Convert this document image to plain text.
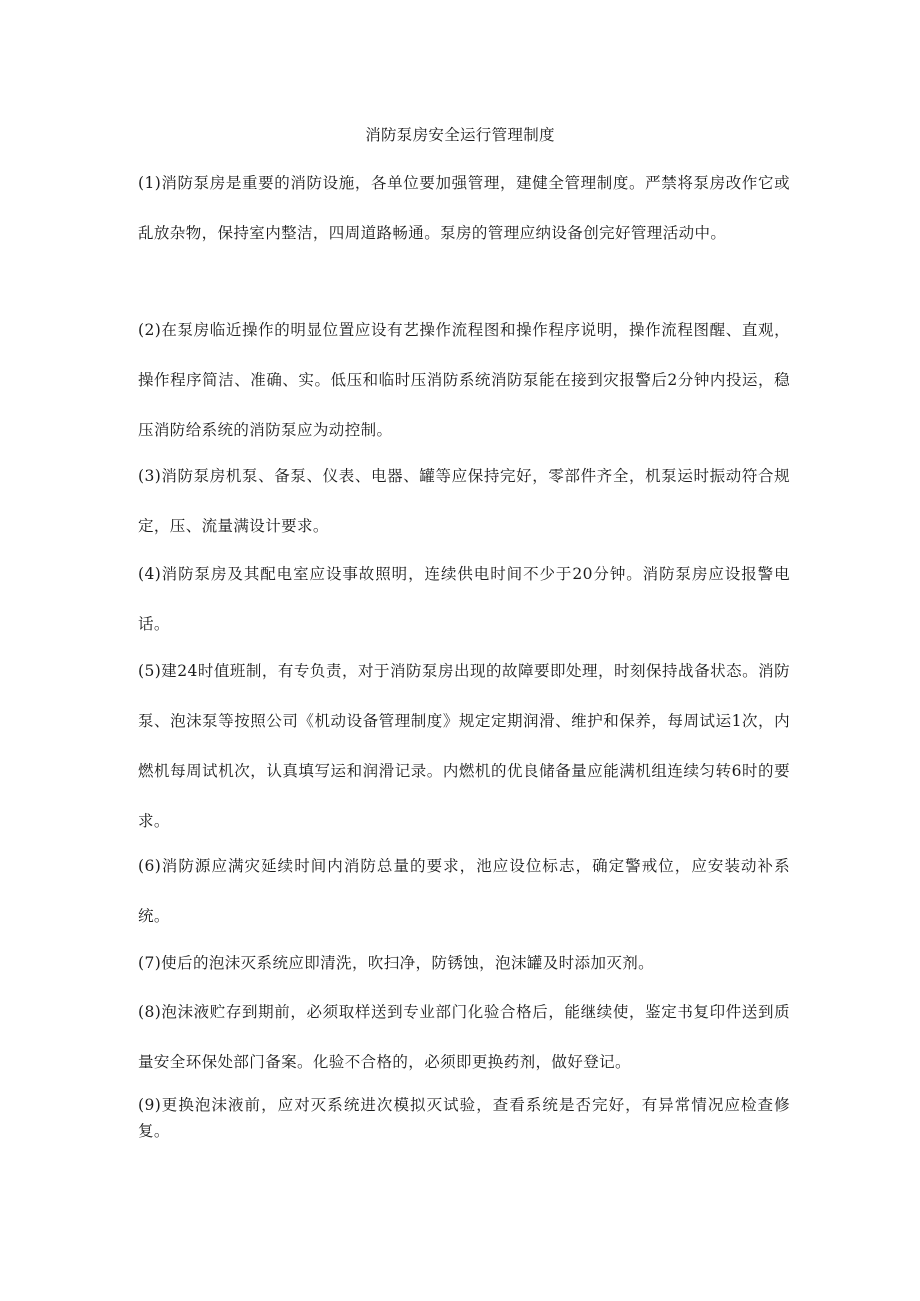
消防泵房安全运行管理制度

(1)消防泵房是重要的消防设施，各单位要加强管理，建健全管理制度。严禁将泵房改作它或乱放杂物，保持室内整洁，四周道路畅通。泵房的管理应纳设备创完好管理活动中。

(2)在泵房临近操作的明显位置应设有艺操作流程图和操作程序说明，操作流程图醒、直观，操作程序简洁、准确、实。低压和临时压消防系统消防泵能在接到灾报警后2分钟内投运，稳压消防给系统的消防泵应为动控制。

(3)消防泵房机泵、备泵、仪表、电器、罐等应保持完好，零部件齐全，机泵运时振动符合规定，压、流量满设计要求。

(4)消防泵房及其配电室应设事故照明，连续供电时间不少于20分钟。消防泵房应设报警电话。

(5)建24时值班制，有专负责，对于消防泵房出现的故障要即处理，时刻保持战备状态。消防泵、泡沫泵等按照公司《机动设备管理制度》规定定期润滑、维护和保养，每周试运1次，内燃机每周试机次，认真填写运和润滑记录。内燃机的优良储备量应能满机组连续匀转6时的要求。

(6)消防源应满灾延续时间内消防总量的要求，池应设位标志，确定警戒位，应安装动补系统。

(7)使后的泡沫灭系统应即清洗，吹扫净，防锈蚀，泡沫罐及时添加灭剂。

(8)泡沫液贮存到期前，必须取样送到专业部门化验合格后，能继续使，鉴定书复印件送到质量安全环保处部门备案。化验不合格的，必须即更换药剂，做好登记。

(9)更换泡沫液前，应对灭系统进次模拟灭试验，查看系统是否完好，有异常情况应检查修复。
